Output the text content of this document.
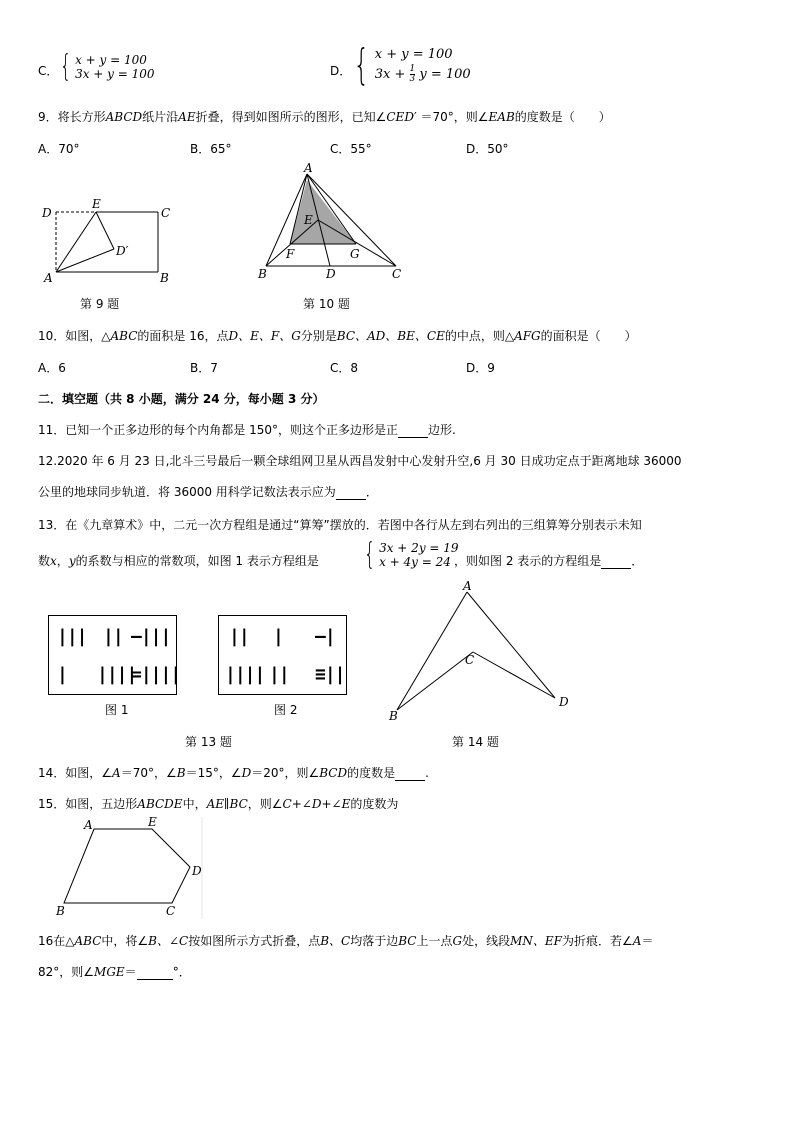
C． { x + y = 100
3x + y = 100	D． { x + y = 100
$3x + \frac{1}{3}$ y = 100
9．将长方形ABCD纸片沿AE折叠，得到如图所示的图形，已知∠CED′ ＝70°，则∠EAB的度数是（　　）
A．70°	B．65°	C．55°	D．50°
D
E
C
D′
A	B
第 9 题
A
E
F	G
B	D	C
第 10 题
10．如图，△ABC的面积是 16，点D、E、F、G分别是BC、AD、BE、CE的中点，则△AFG的面积是（　　）
A．6	B．7	C．8	D．9
二．填空题（共 8 小题，满分 24 分，每小题 3 分）
11．已知一个正多边形的每个内角都是 150°，则这个正多边形是正	边形.
12.2020 年 6 月 23 日,北斗三号最后一颗全球组网卫星从西昌发射中心发射升空,6 月 30 日成功定点于距离地球 36000
公里的地球同步轨道．将 36000 用科学记数法表示应为	．
13．在《九章算术》中，二元一次方程组是通过“算筹”摆放的．若图中各行从左到右列出的三组算筹分别表示未知
数x，y的系数与相应的常数项，如图 1 表示方程组是 { 3x + 2y = 19
x + 4y = 24 ，则如图 2 表示的方程组是	．
||| || —|||
| ||||
=||||
图 1
|| | —|
|||| || ≡||
图 2
第 13 题
A
C
B
D
第 14 题
14．如图，∠A＝70°，∠B＝15°，∠D＝20°，则∠BCD的度数是	.
15．如图，五边形ABCDE中，AE∥BC，则∠C+∠D+∠E的度数为
A	E
D
B	C
16在△ABC中，将∠B、∠C按如图所示方式折叠，点B、C均落于边BC上一点G处，线段MN、EF为折痕．若∠A＝
82°，则∠MGE＝	°．
